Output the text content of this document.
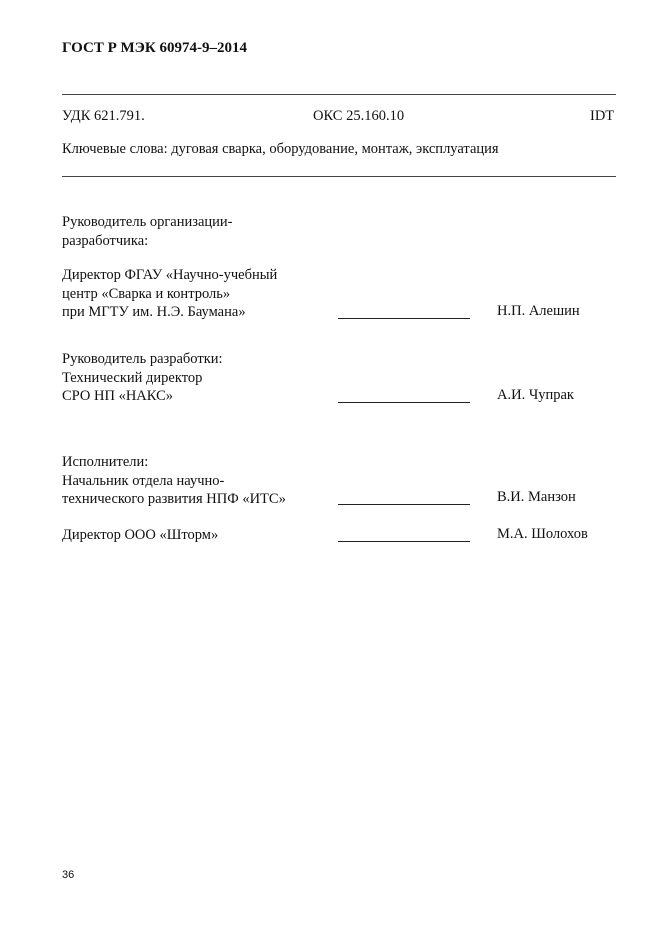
ГОСТ Р МЭК 60974-9–2014
УДК 621.791.	ОКС 25.160.10	IDT
Ключевые слова: дуговая сварка, оборудование, монтаж, эксплуатация
Руководитель организации-
разработчика:
Директор ФГАУ «Научно-учебный
центр «Сварка и контроль»
при МГТУ им. Н.Э. Баумана»	Н.П. Алешин
Руководитель разработки:
Технический директор
СРО НП «НАКС»	А.И. Чупрак
Исполнители:
Начальник отдела научно-
технического развития НПФ «ИТС»	В.И. Манзон
Директор ООО «Шторм»	М.А. Шолохов
36
